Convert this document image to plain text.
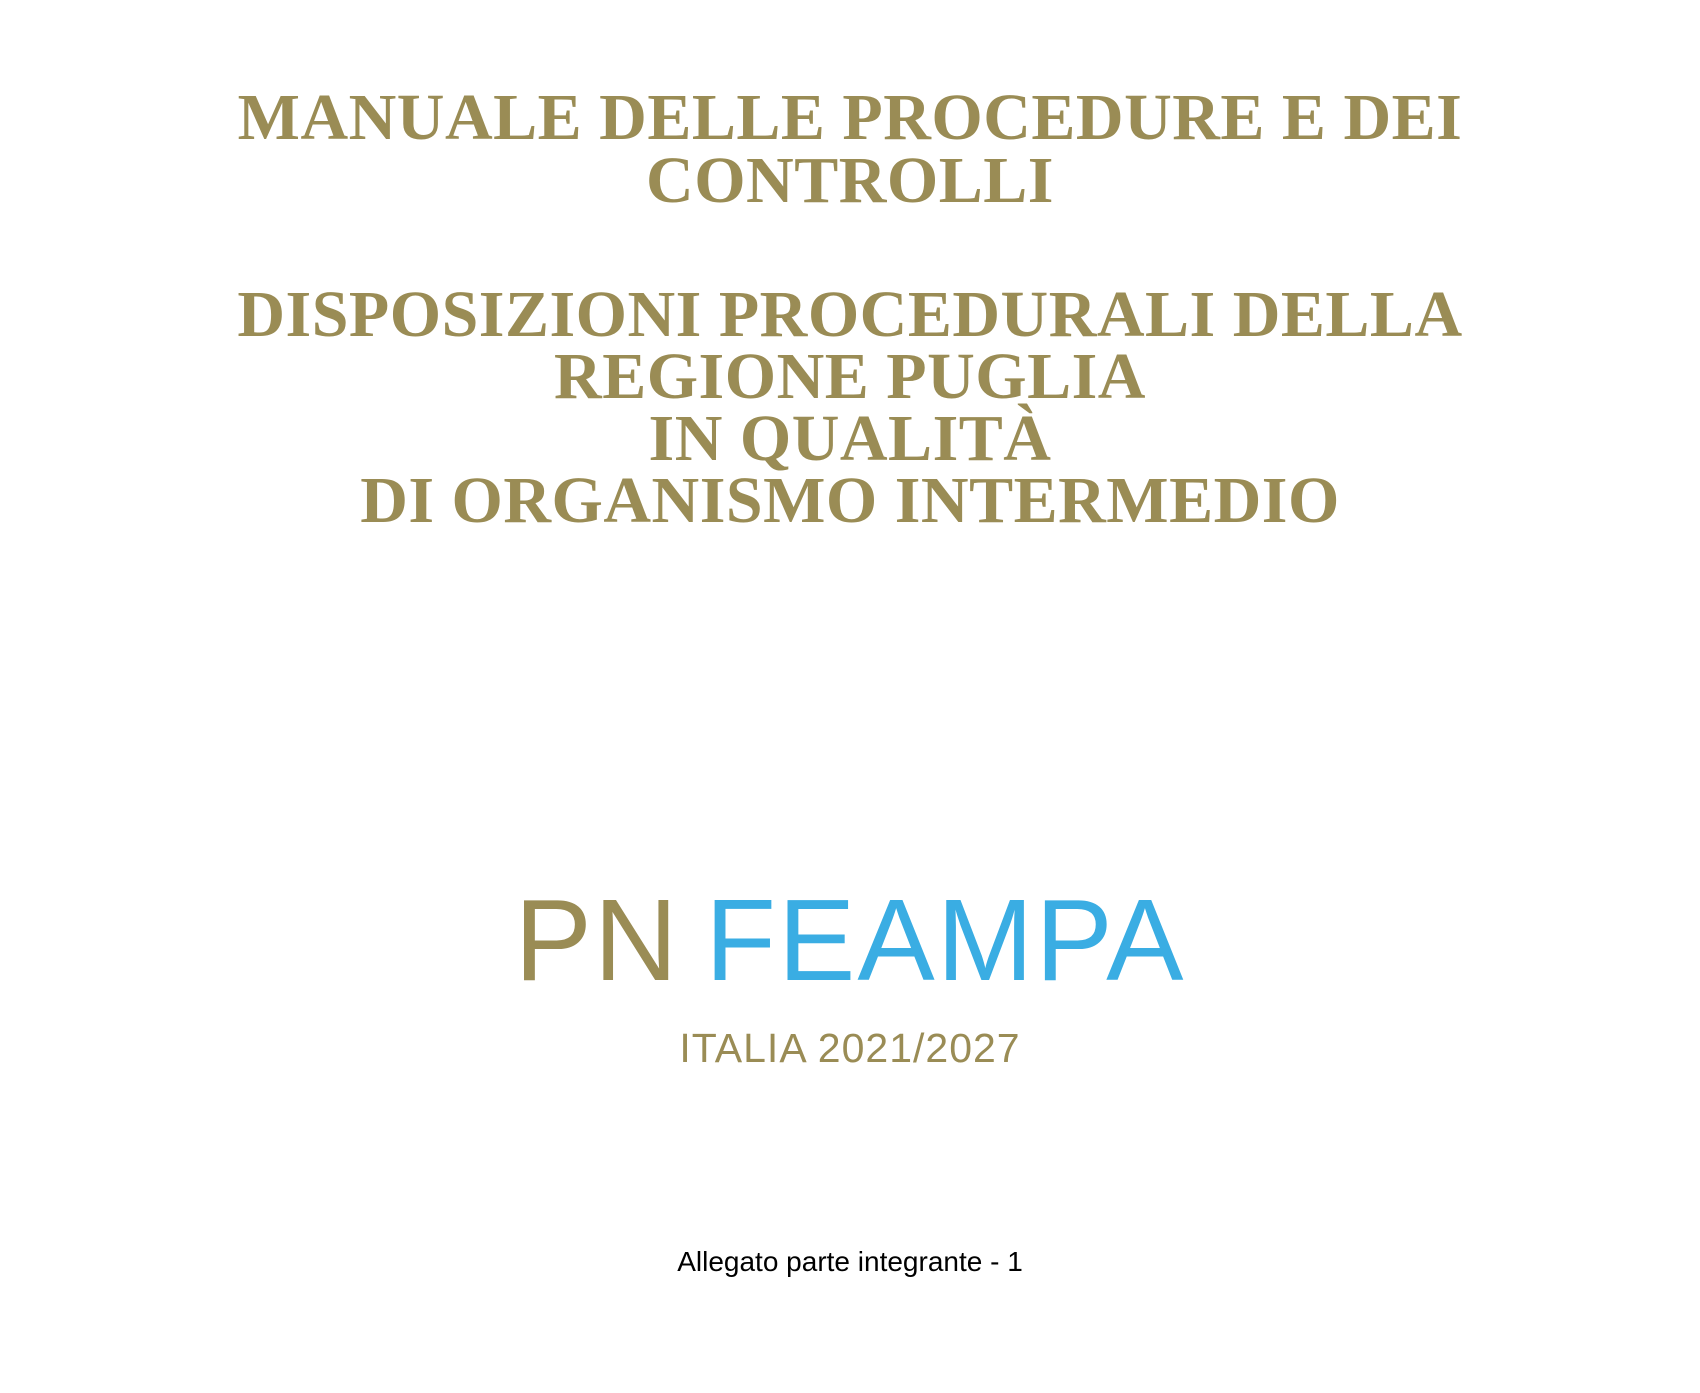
MANUALE DELLE PROCEDURE E DEI
CONTROLLI
DISPOSIZIONI PROCEDURALI DELLA
REGIONE PUGLIA
IN QUALITÀ
DI ORGANISMO INTERMEDIO
PN FEAMPA
ITALIA 2021/2027
Allegato parte integrante - 1
